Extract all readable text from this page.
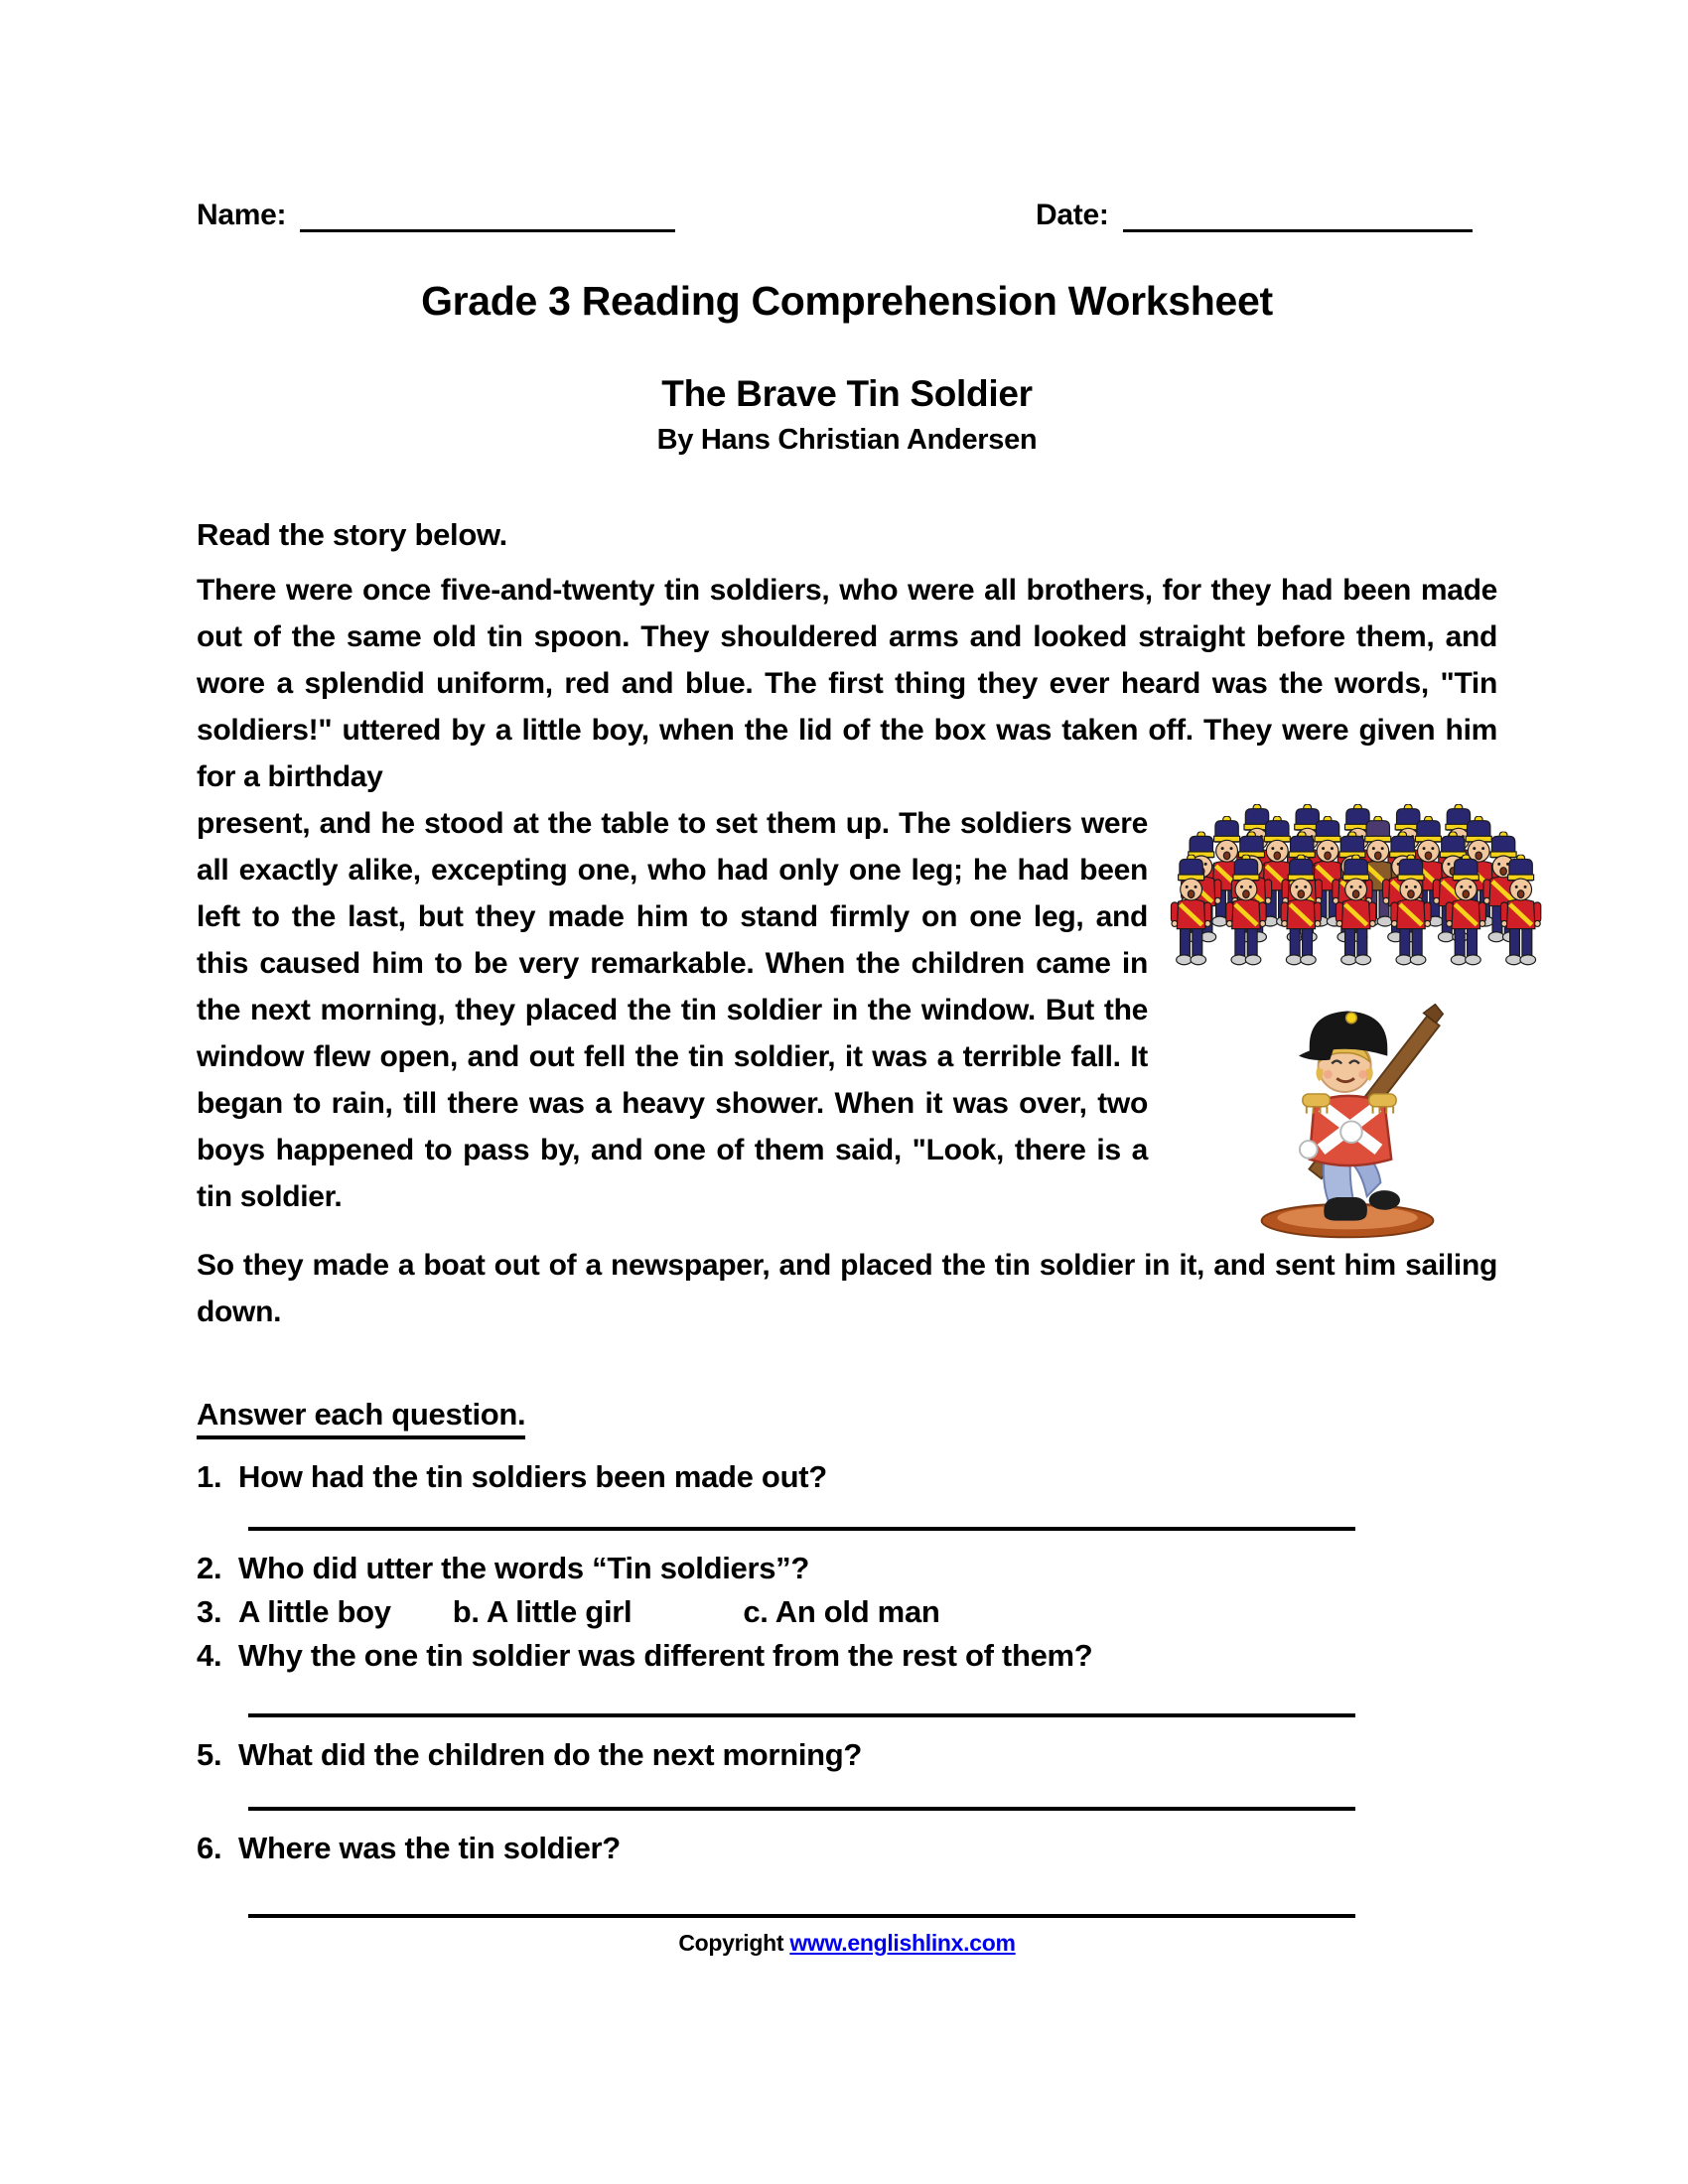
Name:	Date:
Grade 3 Reading Comprehension Worksheet
The Brave Tin Soldier
By Hans Christian Andersen

Read the story below.

There were once five-and-twenty tin soldiers, who were all brothers, for they had been made out of the same old tin spoon. They shouldered arms and looked straight before them, and wore a splendid uniform, red and blue. The first thing they ever heard was the words, "Tin soldiers!" uttered by a little boy, when the lid of the box was taken off. They were given him for a birthday

present, and he stood at the table to set them up. The soldiers were all exactly alike, excepting one, who had only one leg; he had been left to the last, but they made him to stand firmly on one leg, and this caused him to be very remarkable. When the children came in the next morning, they placed the tin soldier in the window. But the window flew open, and out fell the tin soldier, it was a terrible fall. It began to rain, till there was a heavy shower. When it was over, two boys happened to pass by, and one of them said, "Look, there is a tin soldier.

So they made a boat out of a newspaper, and placed the tin soldier in it, and sent him sailing down.

Answer each question.
1. How had the tin soldiers been made out?
2. Who did utter the words “Tin soldiers”?
3. A little boy b. A little girl	c. An old man
4. Why the one tin soldier was different from the rest of them?
5. What did the children do the next morning?
6. Where was the tin soldier?
Copyright www.englishlinx.com
